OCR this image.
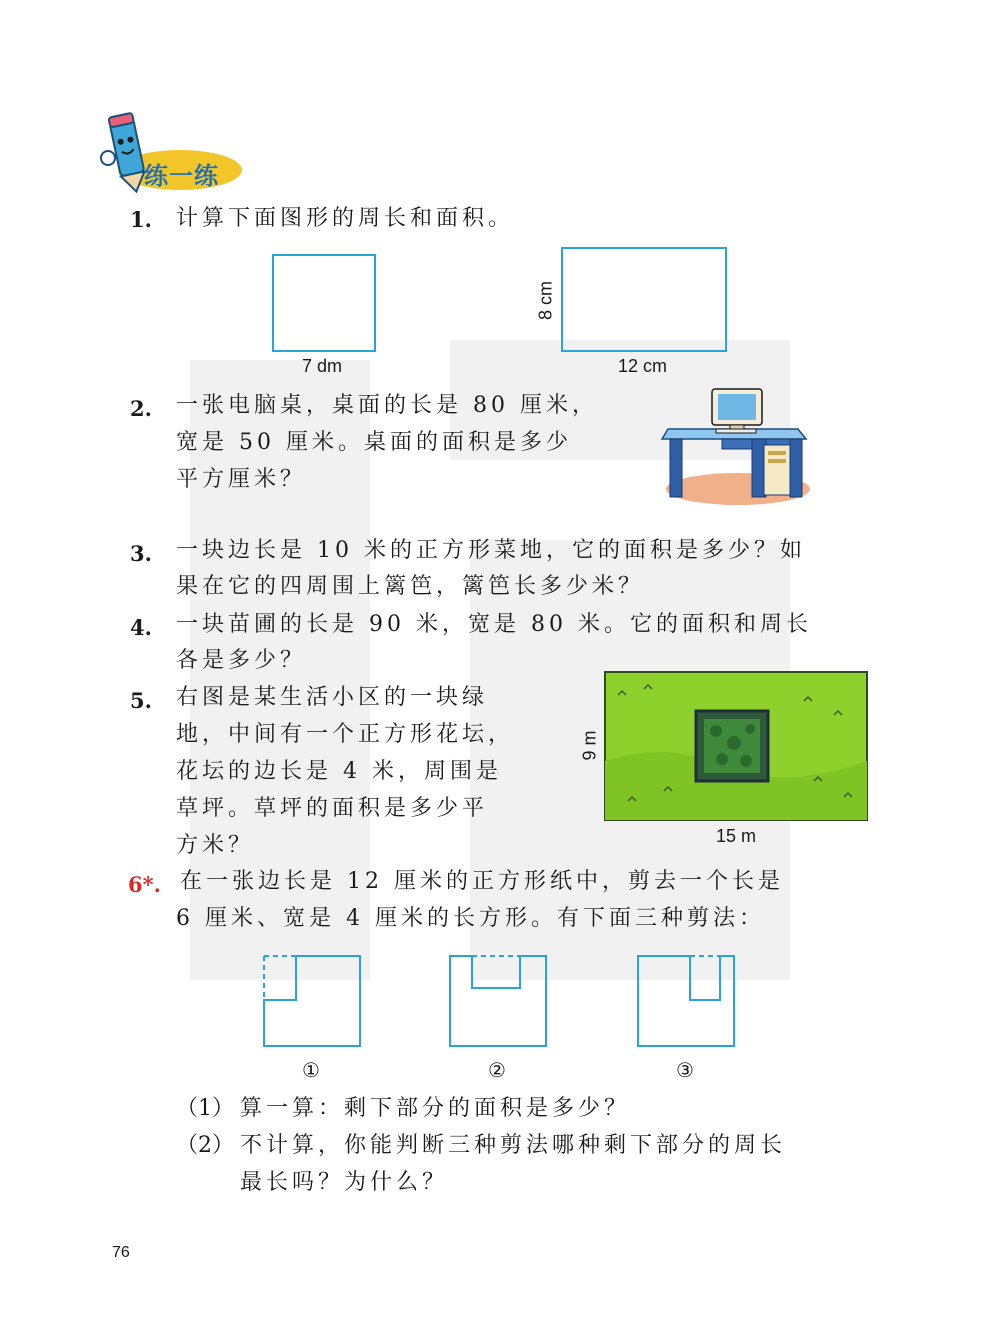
练一练
1. 计算下面图形的周长和面积。
7 dm	12 cm
8 cm
2. 一张电脑桌，桌面的长是 80 厘米，
宽是 50 厘米。桌面的面积是多少
平方厘米？
3. 一块边长是 10 米的正方形菜地，它的面积是多少？如
果在它的四周围上篱笆，篱笆长多少米？
4. 一块苗圃的长是 90 米，宽是 80 米。它的面积和周长
各是多少？
5. 右图是某生活小区的一块绿
地，中间有一个正方形花坛，
花坛的边长是 4 米，周围是
草坪。草坪的面积是多少平
方米？
9 m
15 m
6*. 在一张边长是 12 厘米的正方形纸中，剪去一个长是
6 厘米、宽是 4 厘米的长方形。有下面三种剪法：
①	②	③
（1） 算一算：剩下部分的面积是多少？
（2） 不计算，你能判断三种剪法哪种剩下部分的周长
最长吗？为什么？
76
